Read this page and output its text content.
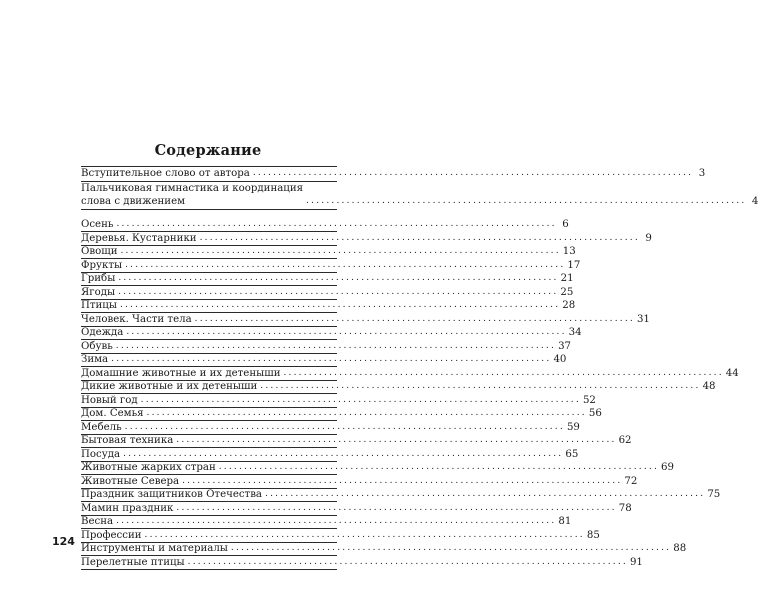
Содержание
Вступительное слово от автора ....................................................................................... 3
Пальчиковая гимнастика и координация
слова с движением	....................................................................................... 4
Осень ....................................................................................... 6
Деревья. Кустарники ....................................................................................... 9
Овощи ....................................................................................... 13
Фрукты ....................................................................................... 17
Грибы ....................................................................................... 21
Ягоды ....................................................................................... 25
Птицы ....................................................................................... 28
Человек. Части тела ....................................................................................... 31
Одежда ....................................................................................... 34
Обувь ....................................................................................... 37
Зима ....................................................................................... 40
Домашние животные и их детеныши ....................................................................................... 44
Дикие животные и их детеныши ....................................................................................... 48
Новый год ....................................................................................... 52
Дом. Семья ....................................................................................... 56
Мебель ....................................................................................... 59
Бытовая техника ....................................................................................... 62
Посуда ....................................................................................... 65
Животные жарких стран ....................................................................................... 69
Животные Севера ....................................................................................... 72
Праздник защитников Отечества ....................................................................................... 75
Мамин праздник ....................................................................................... 78
Весна ....................................................................................... 81
Профессии ....................................................................................... 85
Инструменты и материалы ....................................................................................... 88
Перелетные птицы ....................................................................................... 91
124
